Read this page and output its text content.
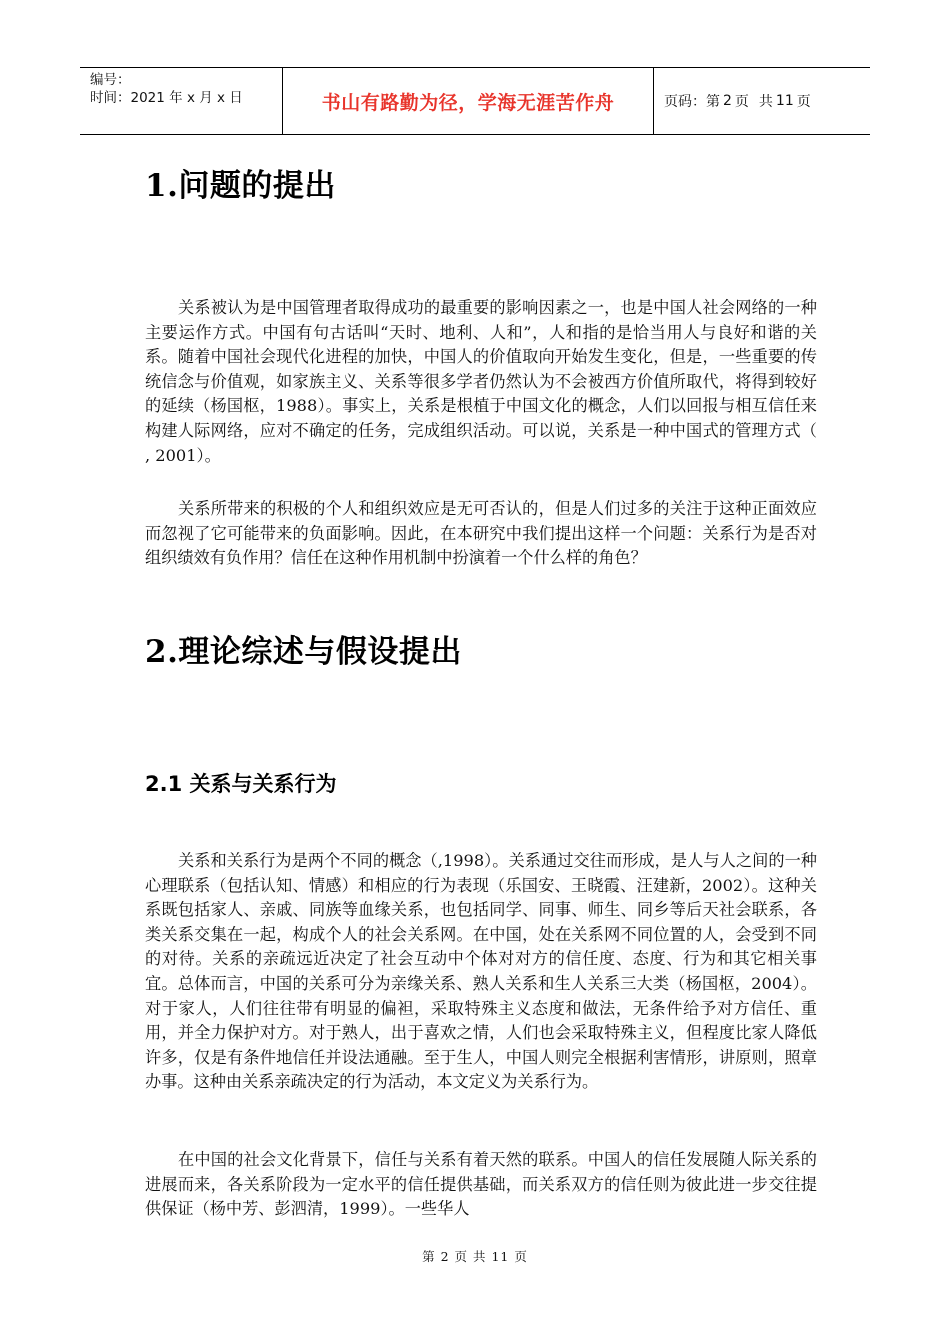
编号：
时间：2021 年 x 月 x 日	书山有路勤为径，学海无涯苦作舟	页码：第 2 页 共 11 页
1.问题的提出

关系被认为是中国管理者取得成功的最重要的影响因素之一，也是中国人社会网络的一种主要运作方式。中国有句古话叫“天时、地利、人和”，人和指的是恰当用人与良好和谐的关系。随着中国社会现代化进程的加快，中国人的价值取向开始发生变化，但是，一些重要的传统信念与价值观，如家族主义、关系等很多学者仍然认为不会被西方价值所取代，将得到较好的延续（杨国枢，1988）。事实上，关系是根植于中国文化的概念，人们以回报与相互信任来构建人际网络，应对不确定的任务，完成组织活动。可以说，关系是一种中国式的管理方式（ , 2001）。

关系所带来的积极的个人和组织效应是无可否认的，但是人们过多的关注于这种正面效应而忽视了它可能带来的负面影响。因此，在本研究中我们提出这样一个问题：关系行为是否对组织绩效有负作用？信任在这种作用机制中扮演着一个什么样的角色？

2.理论综述与假设提出
2.1 关系与关系行为

关系和关系行为是两个不同的概念（,1998）。关系通过交往而形成，是人与人之间的一种心理联系（包括认知、情感）和相应的行为表现（乐国安、王晓霞、汪建新，2002）。这种关系既包括家人、亲戚、同族等血缘关系，也包括同学、同事、师生、同乡等后天社会联系，各类关系交集在一起，构成个人的社会关系网。在中国，处在关系网不同位置的人，会受到不同的对待。关系的亲疏远近决定了社会互动中个体对对方的信任度、态度、行为和其它相关事宜。总体而言，中国的关系可分为亲缘关系、熟人关系和生人关系三大类（杨国枢，2004）。对于家人，人们往往带有明显的偏袒，采取特殊主义态度和做法，无条件给予对方信任、重用，并全力保护对方。对于熟人，出于喜欢之情，人们也会采取特殊主义，但程度比家人降低许多，仅是有条件地信任并设法通融。至于生人，中国人则完全根据利害情形，讲原则，照章办事。这种由关系亲疏决定的行为活动，本文定义为关系行为。

在中国的社会文化背景下，信任与关系有着天然的联系。中国人的信任发展随人际关系的进展而来，各关系阶段为一定水平的信任提供基础，而关系双方的信任则为彼此进一步交往提供保证（杨中芳、彭泗清，1999）。一些华人

第 2 页 共 11 页
